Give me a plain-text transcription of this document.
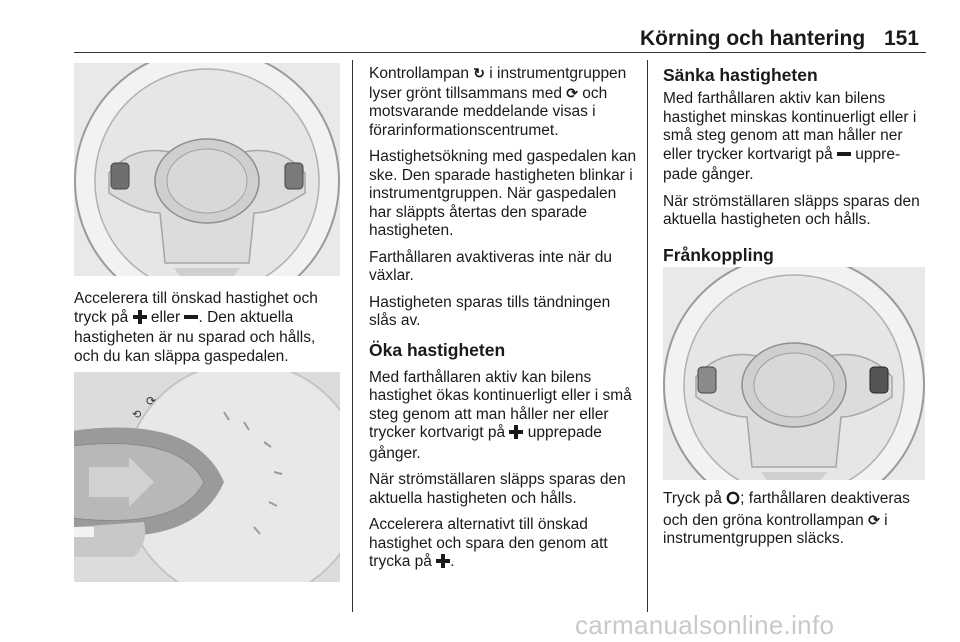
Körning och hantering 151

Accelerera till önskad hastighet och tryck på  eller . Den aktuella hastigheten är nu sparad och hålls, och du kan släppa gaspedalen.

⟳
⟲

Kontrollampan ↻ i instrumentgruppen lyser grönt tillsammans med ⟳ och motsvarande meddelande visas i förarinformationscentrumet.

Hastighetsökning med gaspedalen kan ske. Den sparade hastigheten blinkar i instrumentgruppen. När gaspedalen har släppts återtas den sparade hastigheten.

Farthållaren avaktiveras inte när du växlar.

Hastigheten sparas tills tändningen slås av.

Öka hastigheten

Med farthållaren aktiv kan bilens hastighet ökas kontinuerligt eller i små steg genom att man håller ner eller trycker kortvarigt på  upprepade gånger.

När strömställaren släpps sparas den aktuella hastigheten och hålls.

Accelerera alternativt till önskad hastighet och spara den genom att trycka på .

Sänka hastigheten

Med farthållaren aktiv kan bilens hastighet minskas kontinuerligt eller i små steg genom att man håller ner eller trycker kortvarigt på  upprepade gånger.

När strömställaren släpps sparas den aktuella hastigheten och hålls.

Frånkoppling

Tryck på ; farthållaren deaktiveras och den gröna kontrollampan ⟳ i instrumentgruppen släcks.

carmanualsonline.info
